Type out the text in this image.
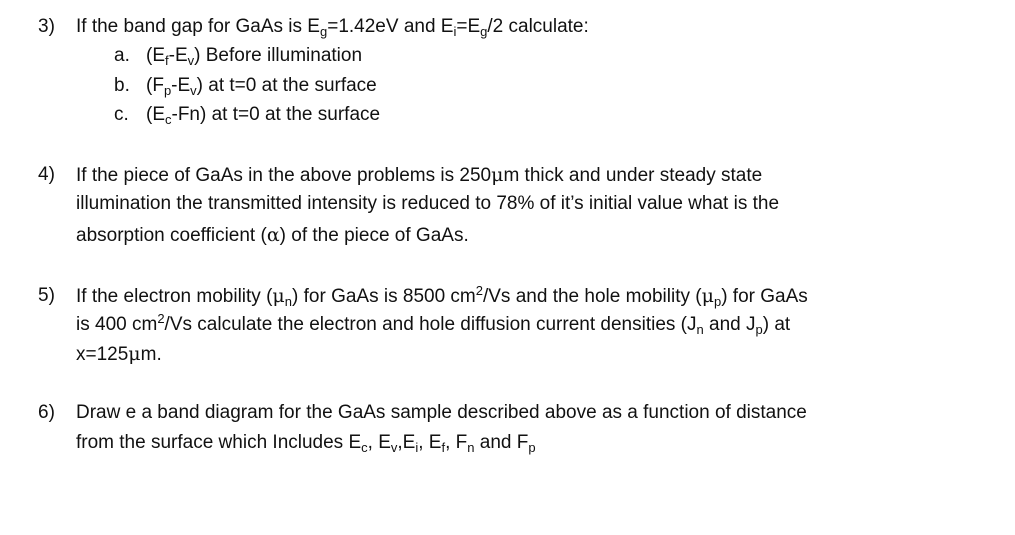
3) If the band gap for GaAs is $E_g=1.42eV$ and $E_i=E_g/2$ calculate:
a. $(E_f-E_v)$ Before illumination
b. $(F_p-E_v)$ at t=0 at the surface
c. $(E_c-Fn)$ at t=0 at the surface
4) If the piece of GaAs in the above problems is 250μm thick and under steady state
illumination the transmitted intensity is reduced to 78% of it’s initial value what is the
absorption coefficient (α) of the piece of GaAs.
5) If the electron mobility $(\mu_n)$ for GaAs is 8500 $cm^2/Vs$ and the hole mobility $(\mu_p)$ for GaAs
is 400 $cm^2/Vs$ calculate the electron and hole diffusion current densities ($J_n$ and $J_p$) at
x=125μm.
6) Draw e a band diagram for the GaAs sample described above as a function of distance
from the surface which Includes $E_c$, $E_v,E_i$, $E_f$, $F_n$ and $F_p$
